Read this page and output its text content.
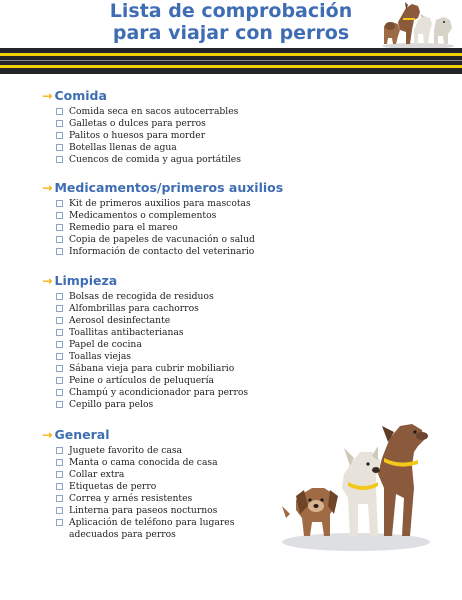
Lista de comprobación
para viajar con perros
→ Comida
Comida seca en sacos autocerrables
Galletas o dulces para perros
Palitos o huesos para morder
Botellas llenas de agua
Cuencos de comida y agua portátiles
→ Medicamentos/primeros auxilios
Kit de primeros auxilios para mascotas
Medicamentos o complementos
Remedio para el mareo
Copia de papeles de vacunación o salud
Información de contacto del veterinario
→ Limpieza
Bolsas de recogida de residuos
Alfombrillas para cachorros
Aerosol desinfectante
Toallitas antibacterianas
Papel de cocina
Toallas viejas
Sábana vieja para cubrir mobiliario
Peine o artículos de peluquería
Champú y acondicionador para perros
Cepillo para pelos
→ General
Juguete favorito de casa
Manta o cama conocida de casa
Collar extra
Etiquetas de perro
Correa y arnés resistentes
Linterna para paseos nocturnos
Aplicación de teléfono para lugares
adecuados para perros
